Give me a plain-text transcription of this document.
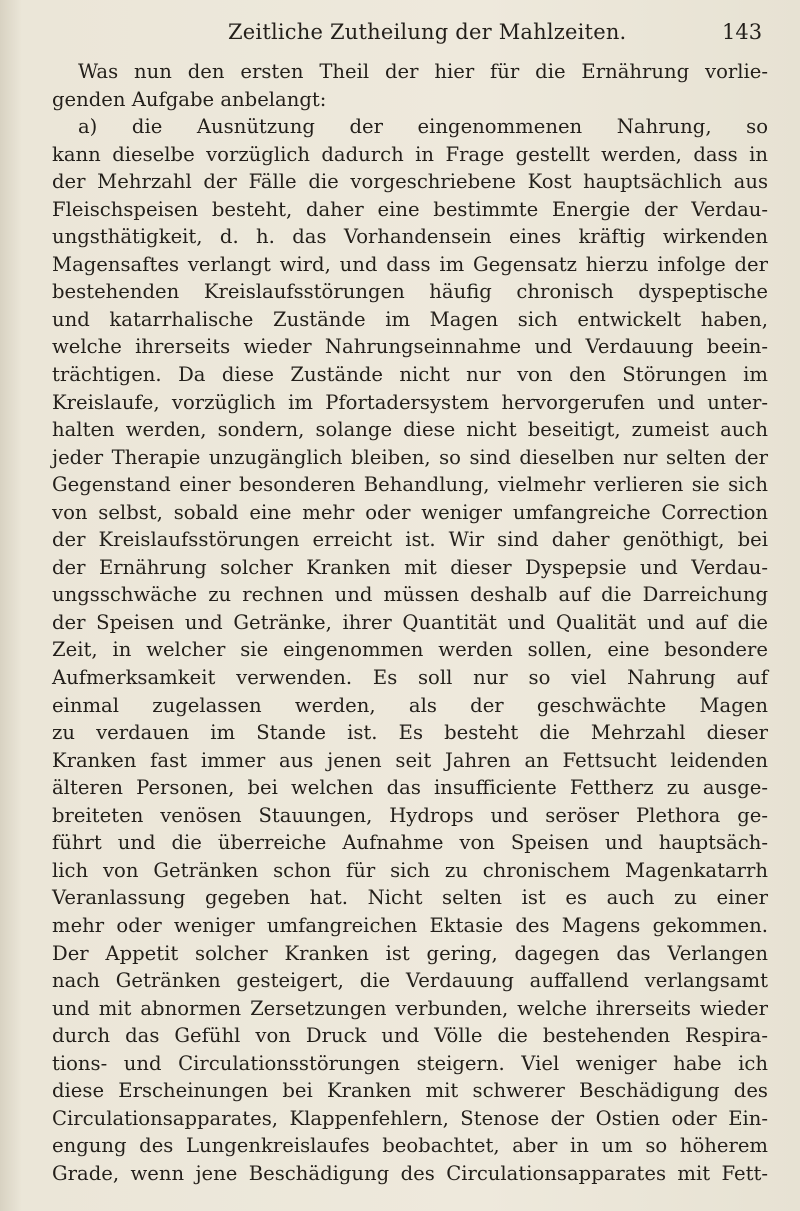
Zeitliche Zutheilung der Mahlzeiten.	143
Was nun den ersten Theil der hier für die Ernährung vorlie-
genden Aufgabe anbelangt:
a) die Ausnützung der eingenommenen Nahrung, so
kann dieselbe vorzüglich dadurch in Frage gestellt werden, dass in
der Mehrzahl der Fälle die vorgeschriebene Kost hauptsächlich aus
Fleischspeisen besteht, daher eine bestimmte Energie der Verdau-
ungsthätigkeit, d. h. das Vorhandensein eines kräftig wirkenden
Magensaftes verlangt wird, und dass im Gegensatz hierzu infolge der
bestehenden Kreislaufsstörungen häufig chronisch dyspeptische
und katarrhalische Zustände im Magen sich entwickelt haben,
welche ihrerseits wieder Nahrungseinnahme und Verdauung beein-
trächtigen. Da diese Zustände nicht nur von den Störungen im
Kreislaufe, vorzüglich im Pfortadersystem hervorgerufen und unter-
halten werden, sondern, solange diese nicht beseitigt, zumeist auch
jeder Therapie unzugänglich bleiben, so sind dieselben nur selten der
Gegenstand einer besonderen Behandlung, vielmehr verlieren sie sich
von selbst, sobald eine mehr oder weniger umfangreiche Correction
der Kreislaufsstörungen erreicht ist. Wir sind daher genöthigt, bei
der Ernährung solcher Kranken mit dieser Dyspepsie und Verdau-
ungsschwäche zu rechnen und müssen deshalb auf die Darreichung
der Speisen und Getränke, ihrer Quantität und Qualität und auf die
Zeit, in welcher sie eingenommen werden sollen, eine besondere
Aufmerksamkeit verwenden. Es soll nur so viel Nahrung auf
einmal zugelassen werden, als der geschwächte Magen
zu verdauen im Stande ist. Es besteht die Mehrzahl dieser
Kranken fast immer aus jenen seit Jahren an Fettsucht leidenden
älteren Personen, bei welchen das insufficiente Fettherz zu ausge-
breiteten venösen Stauungen, Hydrops und seröser Plethora ge-
führt und die überreiche Aufnahme von Speisen und hauptsäch-
lich von Getränken schon für sich zu chronischem Magenkatarrh
Veranlassung gegeben hat. Nicht selten ist es auch zu einer
mehr oder weniger umfangreichen Ektasie des Magens gekommen.
Der Appetit solcher Kranken ist gering, dagegen das Verlangen
nach Getränken gesteigert, die Verdauung auffallend verlangsamt
und mit abnormen Zersetzungen verbunden, welche ihrerseits wieder
durch das Gefühl von Druck und Völle die bestehenden Respira-
tions- und Circulationsstörungen steigern. Viel weniger habe ich
diese Erscheinungen bei Kranken mit schwerer Beschädigung des
Circulationsapparates, Klappenfehlern, Stenose der Ostien oder Ein-
engung des Lungenkreislaufes beobachtet, aber in um so höherem
Grade, wenn jene Beschädigung des Circulationsapparates mit Fett-
